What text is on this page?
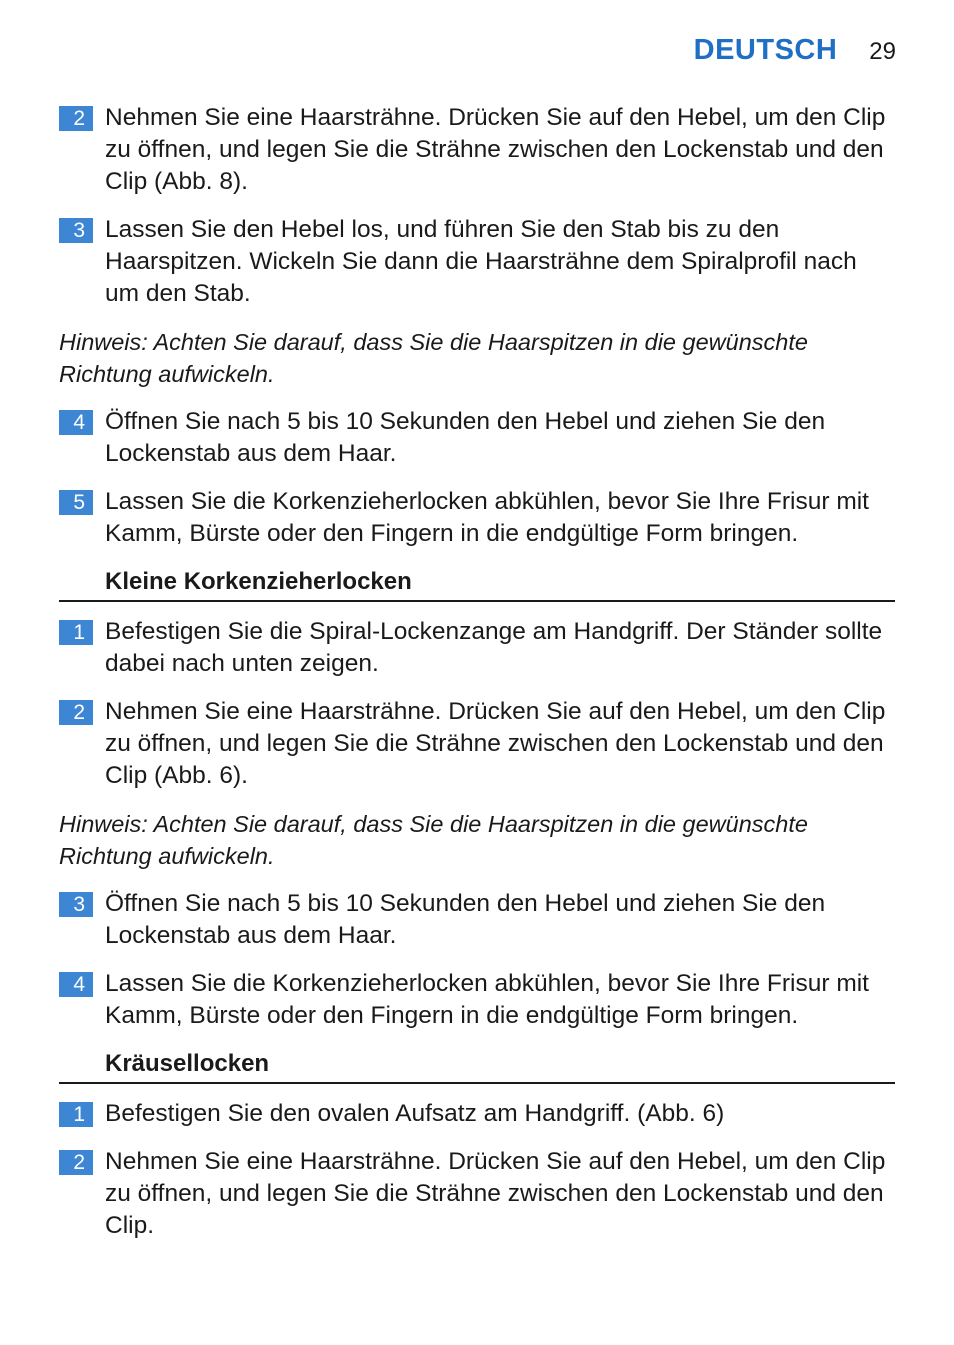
DEUTSCH 29
2 Nehmen Sie eine Haarsträhne. Drücken Sie auf den Hebel, um den Clip zu öffnen, und legen Sie die Strähne zwischen den Lockenstab und den Clip (Abb. 8).
3 Lassen Sie den Hebel los, und führen Sie den Stab bis zu den Haarspitzen. Wickeln Sie dann die Haarsträhne dem Spiralprofil nach um den Stab.
Hinweis: Achten Sie darauf, dass Sie die Haarspitzen in die gewünschte Richtung aufwickeln.
4 Öffnen Sie nach 5 bis 10 Sekunden den Hebel und ziehen Sie den Lockenstab aus dem Haar.
5 Lassen Sie die Korkenzieherlocken abkühlen, bevor Sie Ihre Frisur mit Kamm, Bürste oder den Fingern in die endgültige Form bringen.
Kleine Korkenzieherlocken
1 Befestigen Sie die Spiral-Lockenzange am Handgriff. Der Ständer sollte dabei nach unten zeigen.
2 Nehmen Sie eine Haarsträhne. Drücken Sie auf den Hebel, um den Clip zu öffnen, und legen Sie die Strähne zwischen den Lockenstab und den Clip (Abb. 6).
Hinweis: Achten Sie darauf, dass Sie die Haarspitzen in die gewünschte Richtung aufwickeln.
3 Öffnen Sie nach 5 bis 10 Sekunden den Hebel und ziehen Sie den Lockenstab aus dem Haar.
4 Lassen Sie die Korkenzieherlocken abkühlen, bevor Sie Ihre Frisur mit Kamm, Bürste oder den Fingern in die endgültige Form bringen.
Kräusellocken
1 Befestigen Sie den ovalen Aufsatz am Handgriff. (Abb. 6)
2 Nehmen Sie eine Haarsträhne. Drücken Sie auf den Hebel, um den Clip zu öffnen, und legen Sie die Strähne zwischen den Lockenstab und den Clip.
